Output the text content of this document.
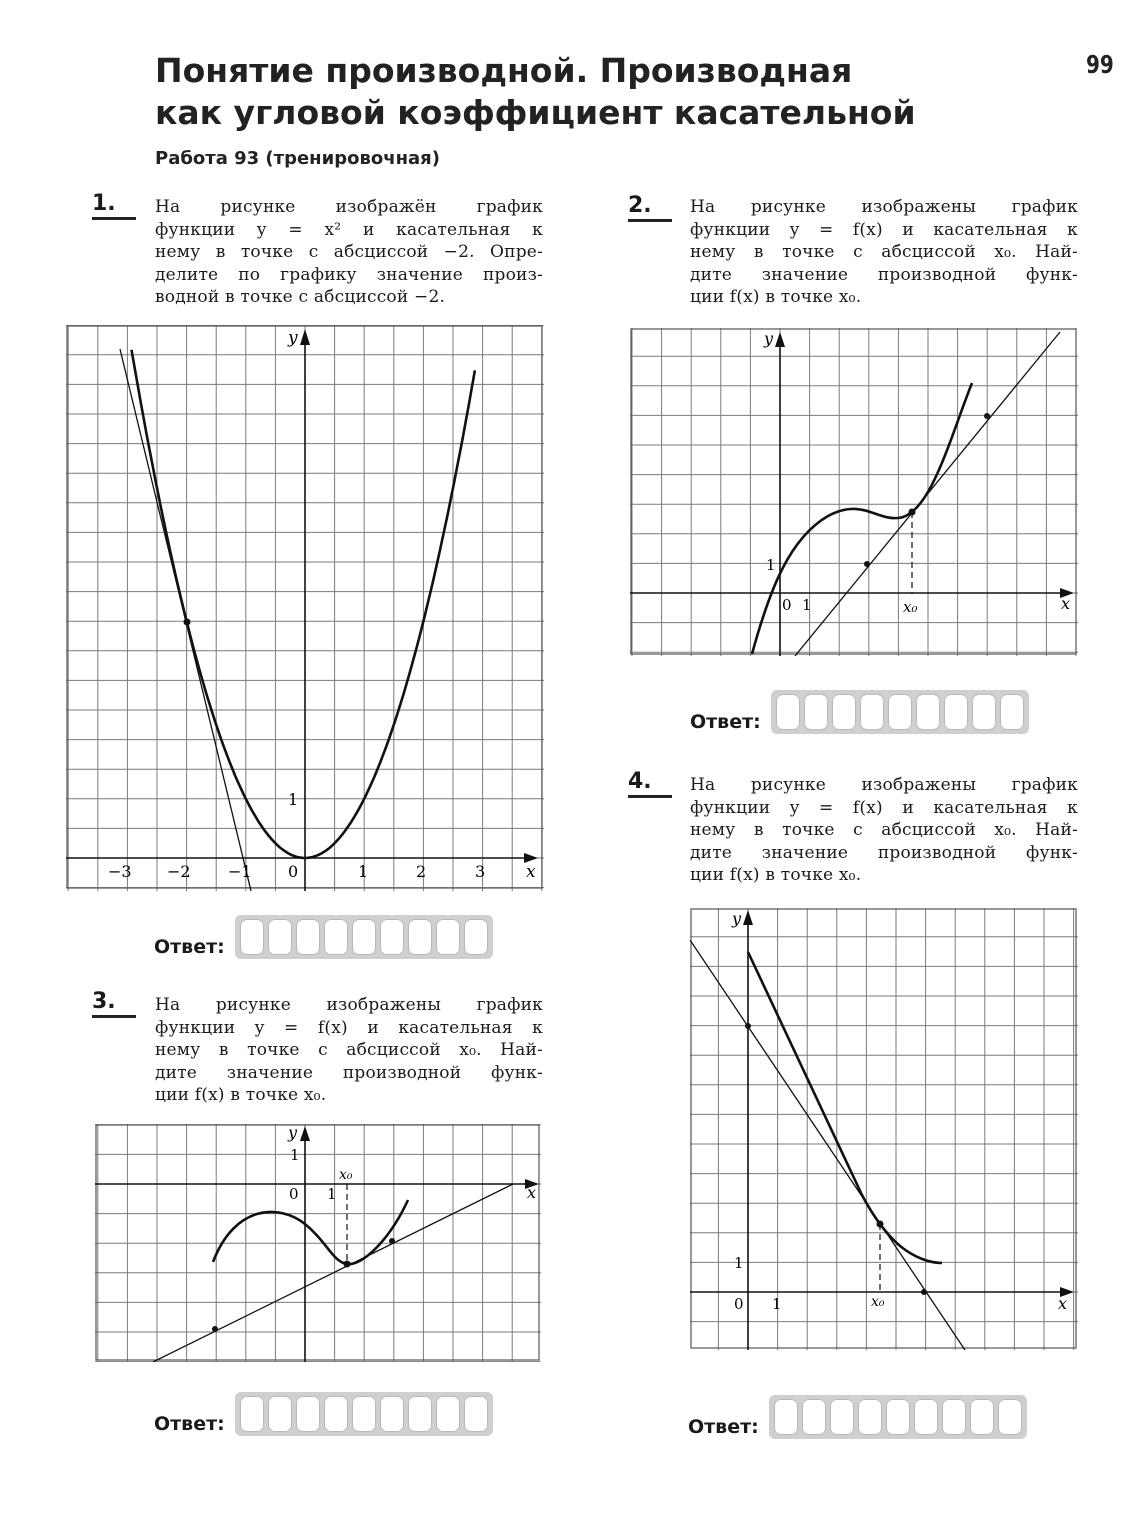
Понятие производной. Производная
как угловой коэффициент касательной
99
Работа 93 (тренировочная)
1.	На рисунке изображён график
функции y = x² и касательная к
нему в точке с абсциссой −2. Опре-
делите по графику значение произ-
водной в точке с абсциссой −2.
x
y
0
−3 −2 −1	1	2	3
1
Ответ:
3.	На рисунке изображены график
функции y = f(x) и касательная к
нему в точке с абсциссой x₀. Най-
дите значение производной функ-
ции f(x) в точке x₀.
x
y
0 1
1
x₀
Ответ:
2.	На рисунке изображены график
функции y = f(x) и касательная к
нему в точке с абсциссой x₀. Най-
дите значение производной функ-
ции f(x) в точке x₀.
x
y
0 1
1
x₀
Ответ:
4.	На рисунке изображены график
функции y = f(x) и касательная к
нему в точке с абсциссой x₀. Най-
дите значение производной функ-
ции f(x) в точке x₀.
x
y
0 1
1
x₀
Ответ:
